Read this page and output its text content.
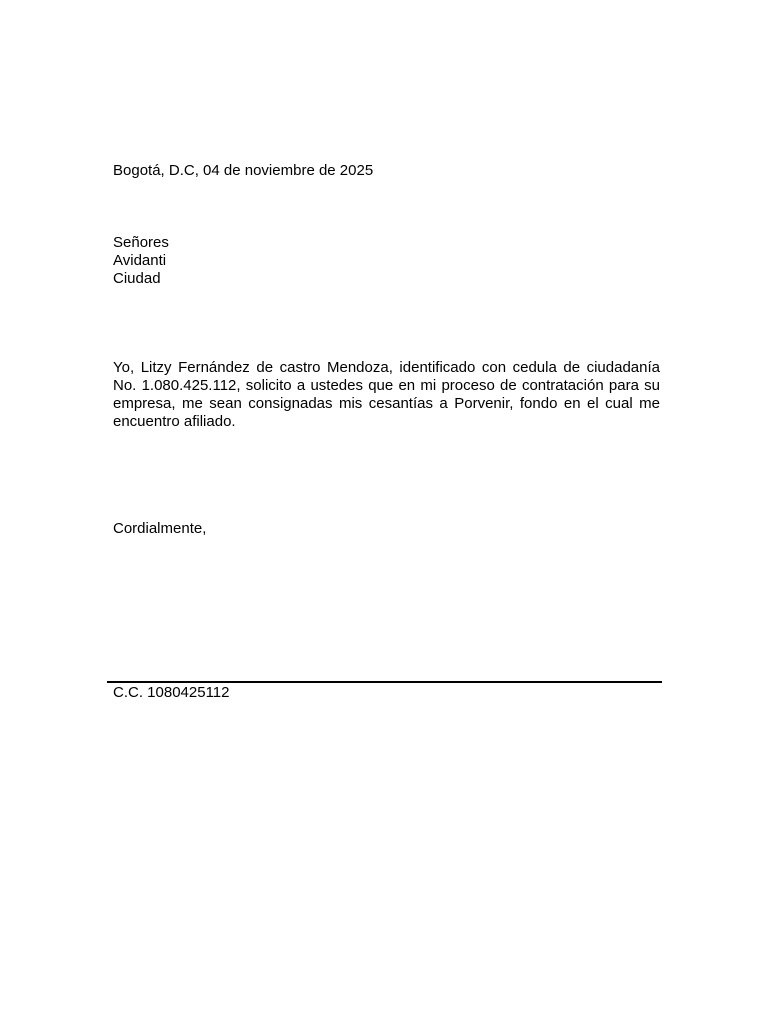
Bogotá, D.C, 04 de noviembre de 2025
Señores
Avidanti
Ciudad
Yo, Litzy Fernández de castro Mendoza, identificado con cedula de ciudadanía No. 1.080.425.112, solicito a ustedes que en mi proceso de contratación para su empresa, me sean consignadas mis cesantías a Porvenir, fondo en el cual me encuentro afiliado.
Cordialmente,
C.C. 1080425112
